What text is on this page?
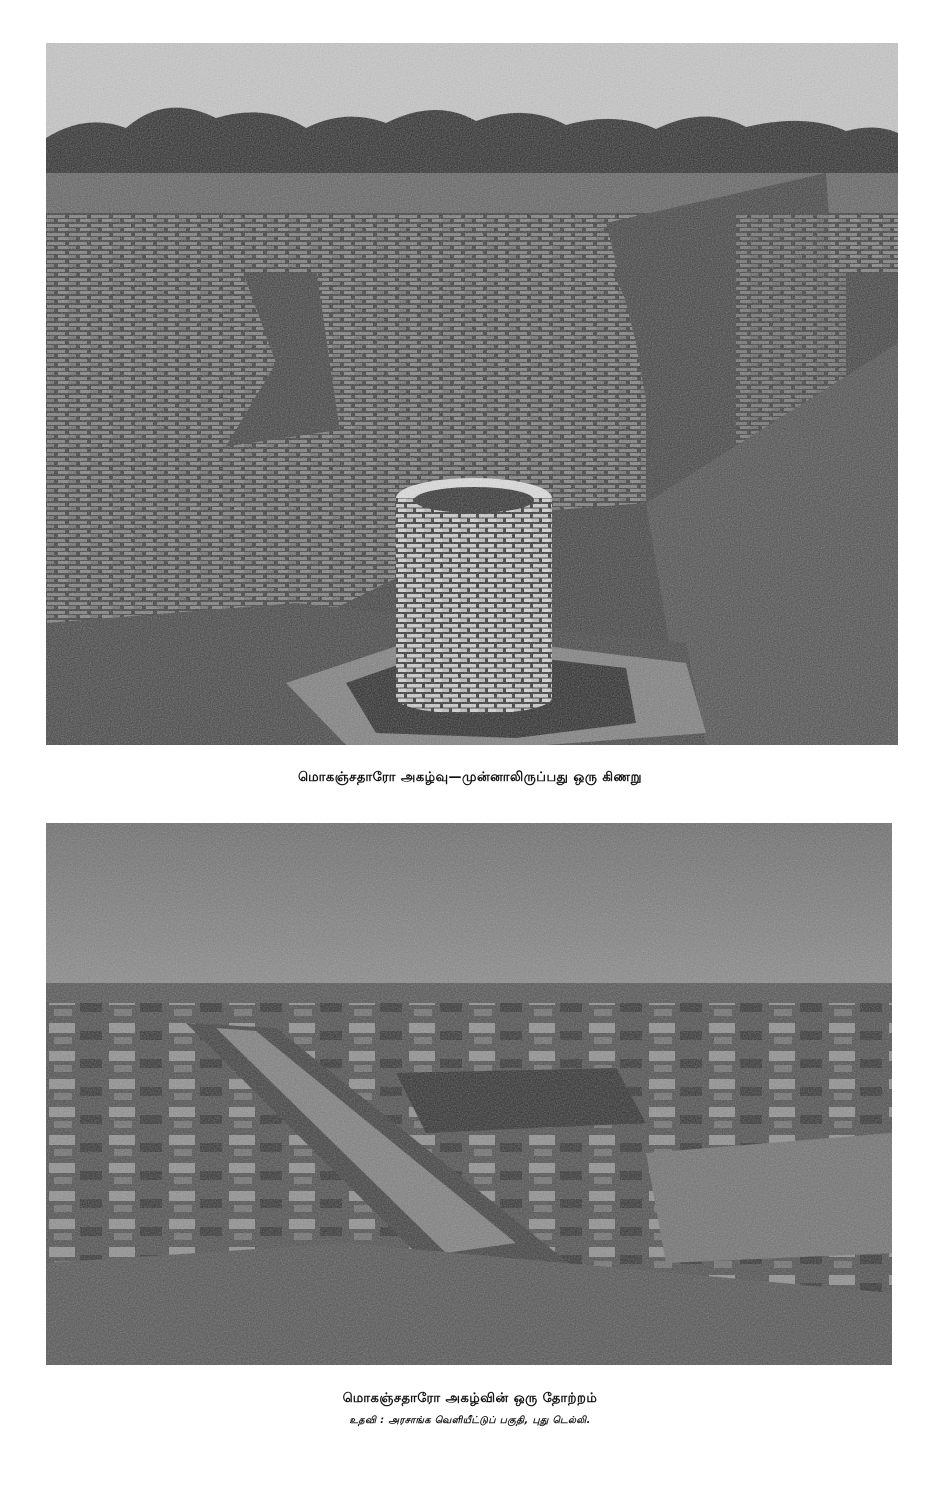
மொகஞ்சதாரோ அகழ்வு—முன்னாலிருப்பது ஒரு கிணறு
மொகஞ்சதாரோ அகழ்வின் ஒரு தோற்றம்
உதவி : அரசாங்க வெளியீட்டுப் பகுதி, புது டெல்லி.
